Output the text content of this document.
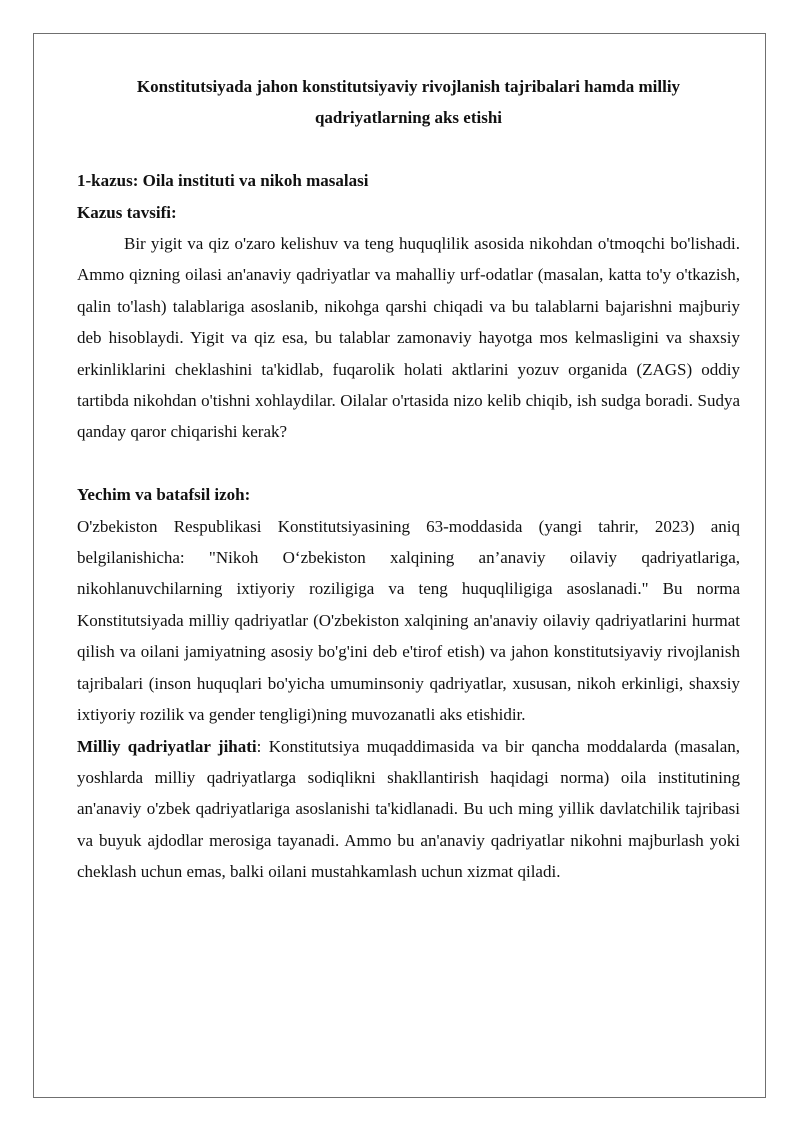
Konstitutsiyada jahon konstitutsiyaviy rivojlanish tajribalari hamda milliy qadriyatlarning aks etishi

1-kazus: Oila instituti va nikoh masalasi

Kazus tavsifi:

Bir yigit va qiz o'zaro kelishuv va teng huquqlilik asosida nikohdan o'tmoqchi bo'lishadi. Ammo qizning oilasi an'anaviy qadriyatlar va mahalliy urf-odatlar (masalan, katta to'y o'tkazish, qalin to'lash) talablariga asoslanib, nikohga qarshi chiqadi va bu talablarni bajarishni majburiy deb hisoblaydi. Yigit va qiz esa, bu talablar zamonaviy hayotga mos kelmasligini va shaxsiy erkinliklarini cheklashini ta'kidlab, fuqarolik holati aktlarini yozuv organida (ZAGS) oddiy tartibda nikohdan o'tishni xohlaydilar. Oilalar o'rtasida nizo kelib chiqib, ish sudga boradi. Sudya qanday qaror chiqarishi kerak?

Yechim va batafsil izoh:

O'zbekiston Respublikasi Konstitutsiyasining 63-moddasida (yangi tahrir, 2023) aniq belgilanishicha: "Nikoh O‘zbekiston xalqining an’anaviy oilaviy qadriyatlariga, nikohlanuvchilarning ixtiyoriy roziligiga va teng huquqliligiga asoslanadi." Bu norma Konstitutsiyada milliy qadriyatlar (O'zbekiston xalqining an'anaviy oilaviy qadriyatlarini hurmat qilish va oilani jamiyatning asosiy bo'g'ini deb e'tirof etish) va jahon konstitutsiyaviy rivojlanish tajribalari (inson huquqlari bo'yicha umuminsoniy qadriyatlar, xususan, nikoh erkinligi, shaxsiy ixtiyoriy rozilik va gender tengligi)ning muvozanatli aks etishidir.

Milliy qadriyatlar jihati: Konstitutsiya muqaddimasida va bir qancha moddalarda (masalan, yoshlarda milliy qadriyatlarga sodiqlikni shakllantirish haqidagi norma) oila institutining an'anaviy o'zbek qadriyatlariga asoslanishi ta'kidlanadi. Bu uch ming yillik davlatchilik tajribasi va buyuk ajdodlar merosiga tayanadi. Ammo bu an'anaviy qadriyatlar nikohni majburlash yoki cheklash uchun emas, balki oilani mustahkamlash uchun xizmat qiladi.
